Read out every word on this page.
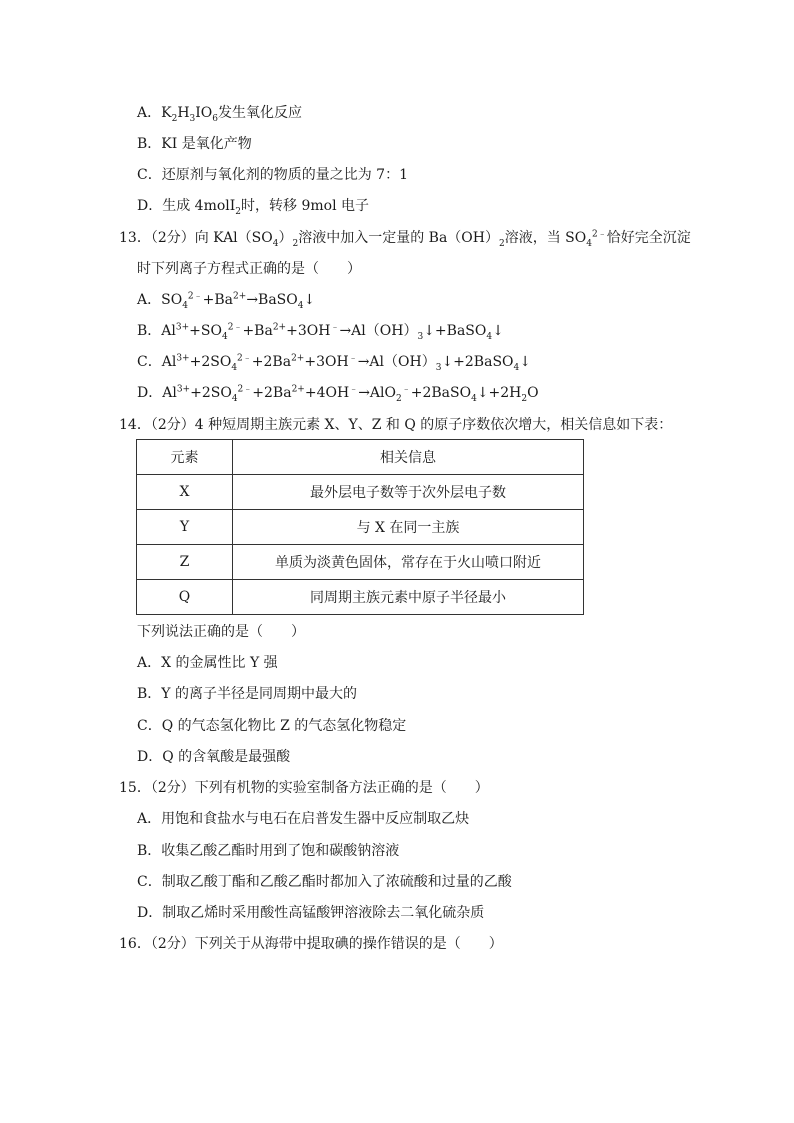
A．$K_2H_3IO_6$发生氧化反应
B．KI 是氧化产物
C．还原剂与氧化剂的物质的量之比为 7：1
D．生成 4molI$_2$时，转移 9mol 电子
13．（2分）向 $KAl(SO_4)_2$溶液中加入一定量的 $Ba(OH)_2$溶液，当 $SO_4^{2﹣}$恰好完全沉淀
时下列离子方程式正确的是（　　）
A．$SO_4^{2﹣}+Ba^{2+}\to BaSO_4↓$
B．$Al^{3+}+SO_4^{2﹣}+Ba^{2+}+3OH^﹣\to Al(OH)_3↓+BaSO_4↓$
C．$Al^{3+}+2SO_4^{2﹣}+2Ba^{2+}+3OH^﹣\to Al(OH)_3↓+2BaSO_4↓$
D．$Al^{3+}+2SO_4^{2﹣}+2Ba^{2+}+4OH^﹣\to AlO_2^﹣+2BaSO_4↓+2H_2O$
14．（2分）4 种短周期主族元素 X、Y、Z 和 Q 的原子序数依次增大，相关信息如下表：
元素	相关信息
X	最外层电子数等于次外层电子数
Y	与 X 在同一主族
Z	单质为淡黄色固体，常存在于火山喷口附近
Q	同周期主族元素中原子半径最小
下列说法正确的是（　　）
A．X 的金属性比 Y 强
B．Y 的离子半径是同周期中最大的
C．Q 的气态氢化物比 Z 的气态氢化物稳定
D．Q 的含氧酸是最强酸
15．（2分）下列有机物的实验室制备方法正确的是（　　）
A．用饱和食盐水与电石在启普发生器中反应制取乙炔
B．收集乙酸乙酯时用到了饱和碳酸钠溶液
C．制取乙酸丁酯和乙酸乙酯时都加入了浓硫酸和过量的乙酸
D．制取乙烯时采用酸性高锰酸钾溶液除去二氧化硫杂质
16．（2分）下列关于从海带中提取碘的操作错误的是（　　）
